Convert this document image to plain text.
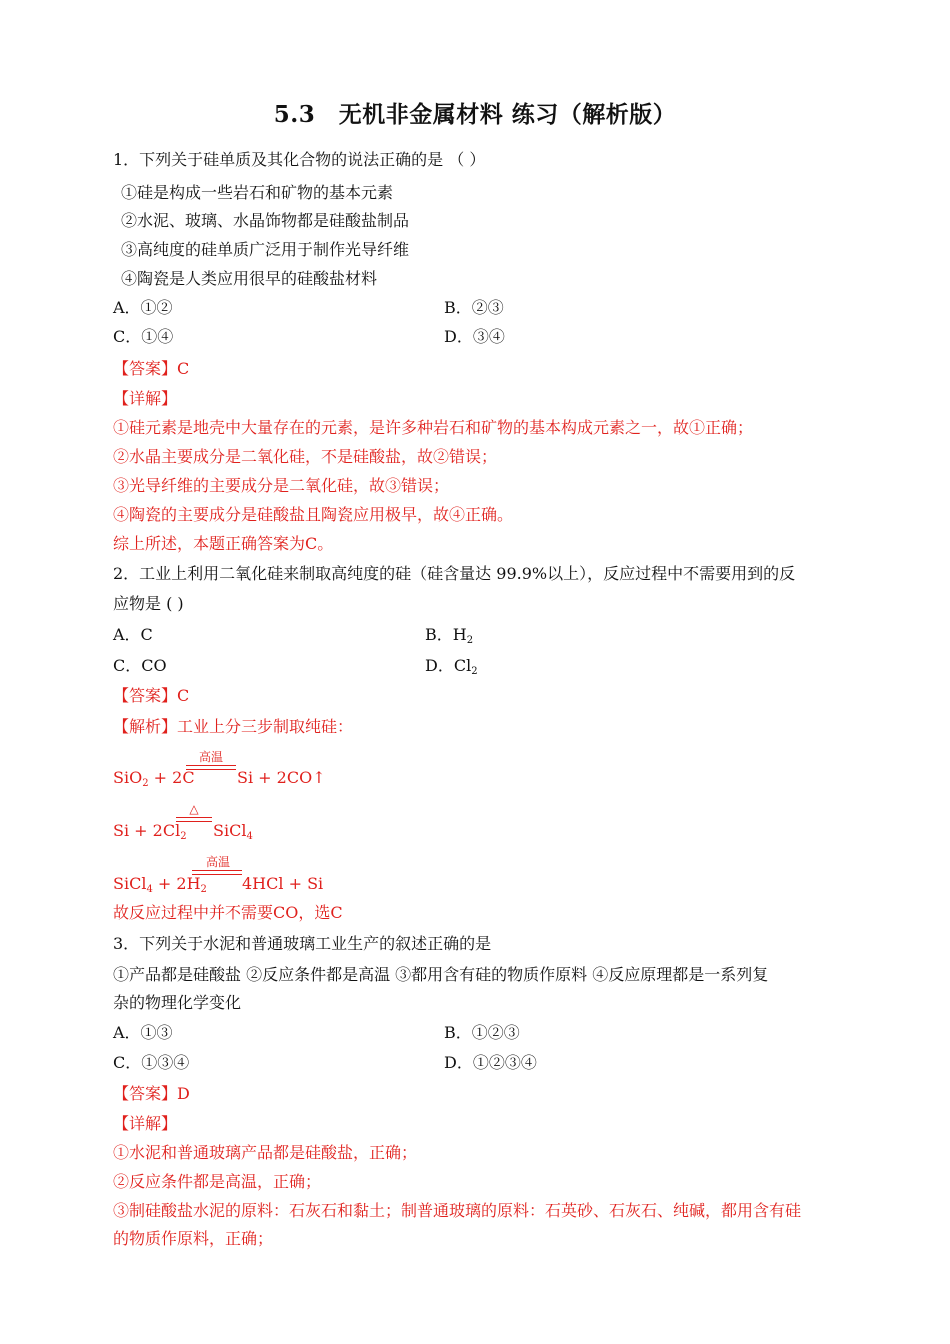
5.3　无机非金属材料 练习（解析版）
1．下列关于硅单质及其化合物的说法正确的是 （ ）
①硅是构成一些岩石和矿物的基本元素
②水泥、玻璃、水晶饰物都是硅酸盐制品
③高纯度的硅单质广泛用于制作光导纤维
④陶瓷是人类应用很早的硅酸盐材料
A．①②	B．②③
C．①④	D．③④
【答案】C
【详解】
①硅元素是地壳中大量存在的元素，是许多种岩石和矿物的基本构成元素之一，故①正确；
②水晶主要成分是二氧化硅，不是硅酸盐，故②错误；
③光导纤维的主要成分是二氧化硅，故③错误；
④陶瓷的主要成分是硅酸盐且陶瓷应用极早，故④正确。
综上所述，本题正确答案为C。
2．工业上利用二氧化硅来制取高纯度的硅（硅含量达 99.9%以上），反应过程中不需要用到的反
应物是 ( )
A．C	B．$H_2$
C．CO	D．$Cl_2$
【答案】C
【解析】工业上分三步制取纯硅：
高温
SiO$_2$ + 2C	Si + 2CO↑
△
$Si + 2Cl_2$ SiCl$_4$
高温
SiCl$_4$ + $2H_2$ 4HCl + Si
故反应过程中并不需要CO，选C
3．下列关于水泥和普通玻璃工业生产的叙述正确的是
①产品都是硅酸盐 ②反应条件都是高温 ③都用含有硅的物质作原料 ④反应原理都是一系列复
杂的物理化学变化
A．①③	B．①②③
C．①③④	D．①②③④
【答案】D
【详解】
①水泥和普通玻璃产品都是硅酸盐，正确；
②反应条件都是高温，正确；
③制硅酸盐水泥的原料：石灰石和黏土；制普通玻璃的原料：石英砂、石灰石、纯碱，都用含有硅
的物质作原料，正确；
